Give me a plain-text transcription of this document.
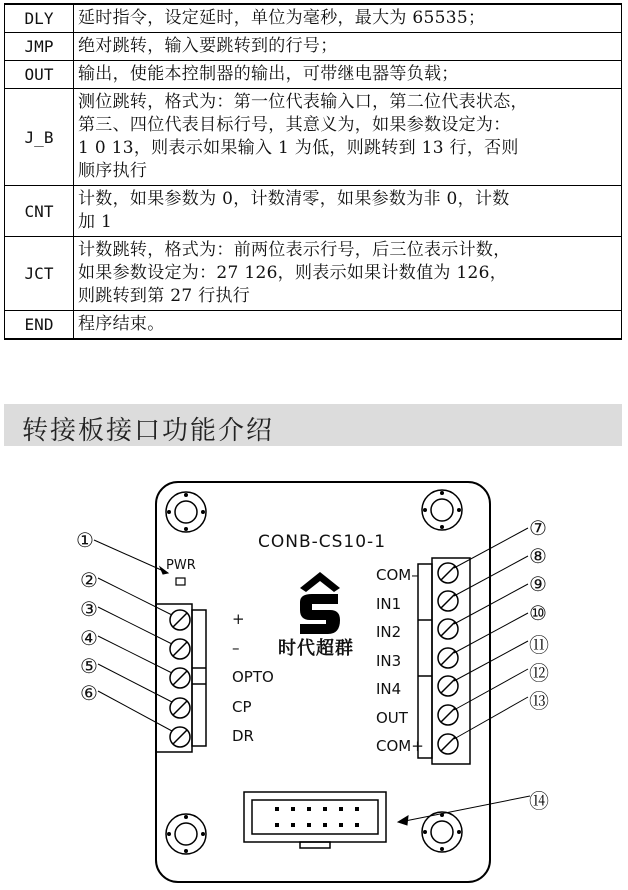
DLY	延时指令，设定延时，单位为毫秒，最大为 65535；

JMP	绝对跳转，输入要跳转到的行号；

OUT	输出，使能本控制器的输出，可带继电器等负载；

J_B	测位跳转，格式为：第一位代表输入口，第二位代表状态，
第三、四位代表目标行号，其意义为，如果参数设定为：
1 0 13，则表示如果输入 1 为低，则跳转到 13 行，否则
顺序执行

CNT	计数，如果参数为 0，计数清零，如果参数为非 0，计数
加 1

JCT	计数跳转，格式为：前两位表示行号，后三位表示计数，
如果参数设定为：27 126，则表示如果计数值为 126，
则跳转到第 27 行执行

END	程序结束。
转接板接口功能介绍
CONB-CS10-1
PWR
时代超群
+
–
OPTO
CP
DR
COM–
IN1
IN2
IN3
IN4
OUT
COM+
①
②
③
④
⑤
⑥
⑦
⑧
⑨
⑩
⑪
⑫
⑬
⑭
